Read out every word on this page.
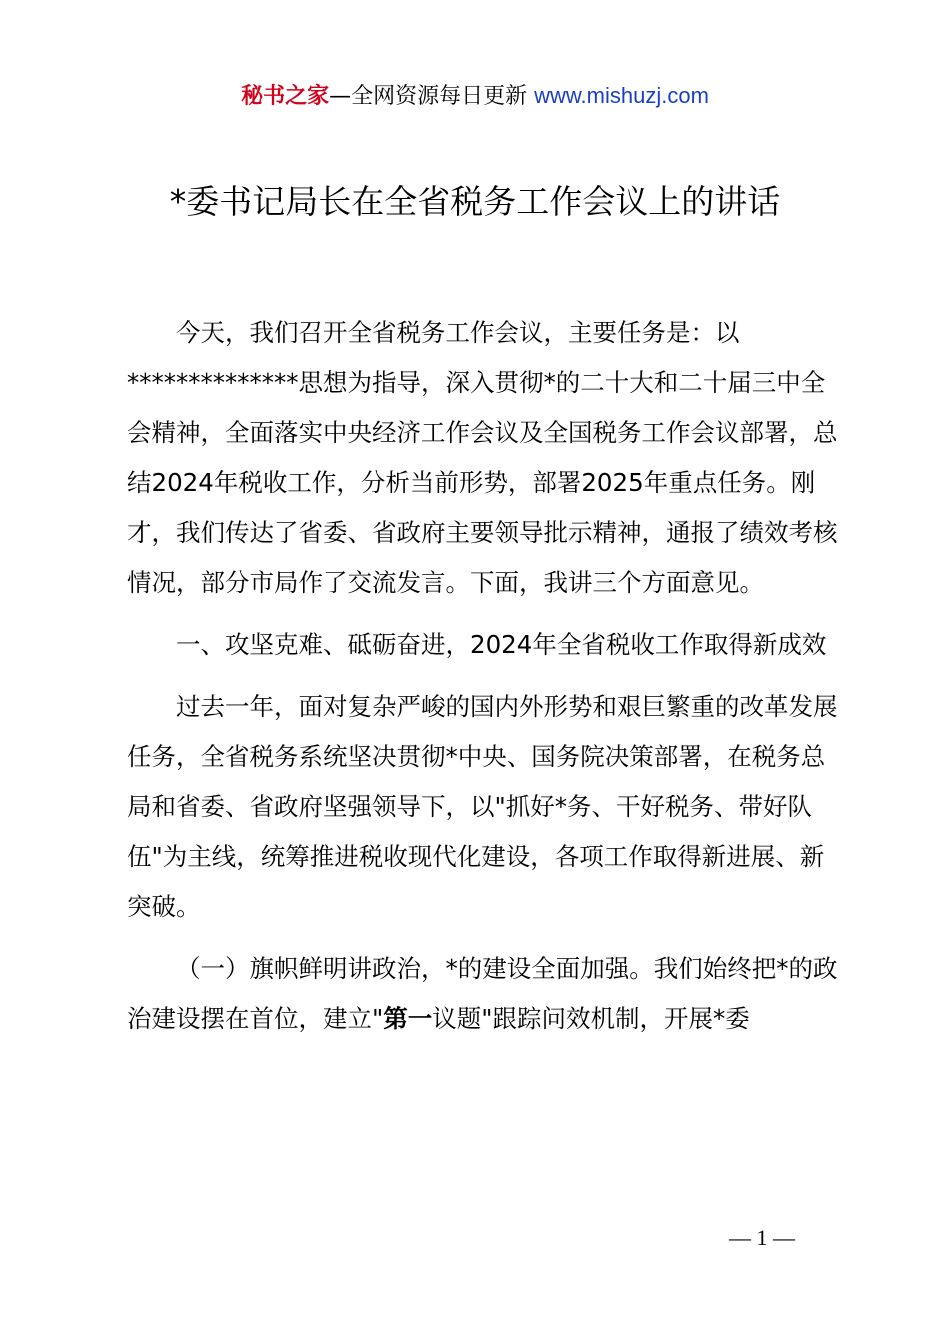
秘书之家—全网资源每日更新 www.mishuzj.com
*委书记局长在全省税务工作会议上的讲话

今天，我们召开全省税务工作会议，主要任务是：以**************思想为指导，深入贯彻*的二十大和二十届三中全会精神，全面落实中央经济工作会议及全国税务工作会议部署，总结2024年税收工作，分析当前形势，部署2025年重点任务。刚才，我们传达了省委、省政府主要领导批示精神，通报了绩效考核情况，部分市局作了交流发言。下面，我讲三个方面意见。

一、攻坚克难、砥砺奋进，2024年全省税收工作取得新成效

过去一年，面对复杂严峻的国内外形势和艰巨繁重的改革发展任务，全省税务系统坚决贯彻*中央、国务院决策部署，在税务总局和省委、省政府坚强领导下，以"抓好*务、干好税务、带好队伍"为主线，统筹推进税收现代化建设，各项工作取得新进展、新突破。

（一）旗帜鲜明讲政治，*的建设全面加强。我们始终把*的政治建设摆在首位，建立"第一议题"跟踪问效机制，开展*委

— 1 —
